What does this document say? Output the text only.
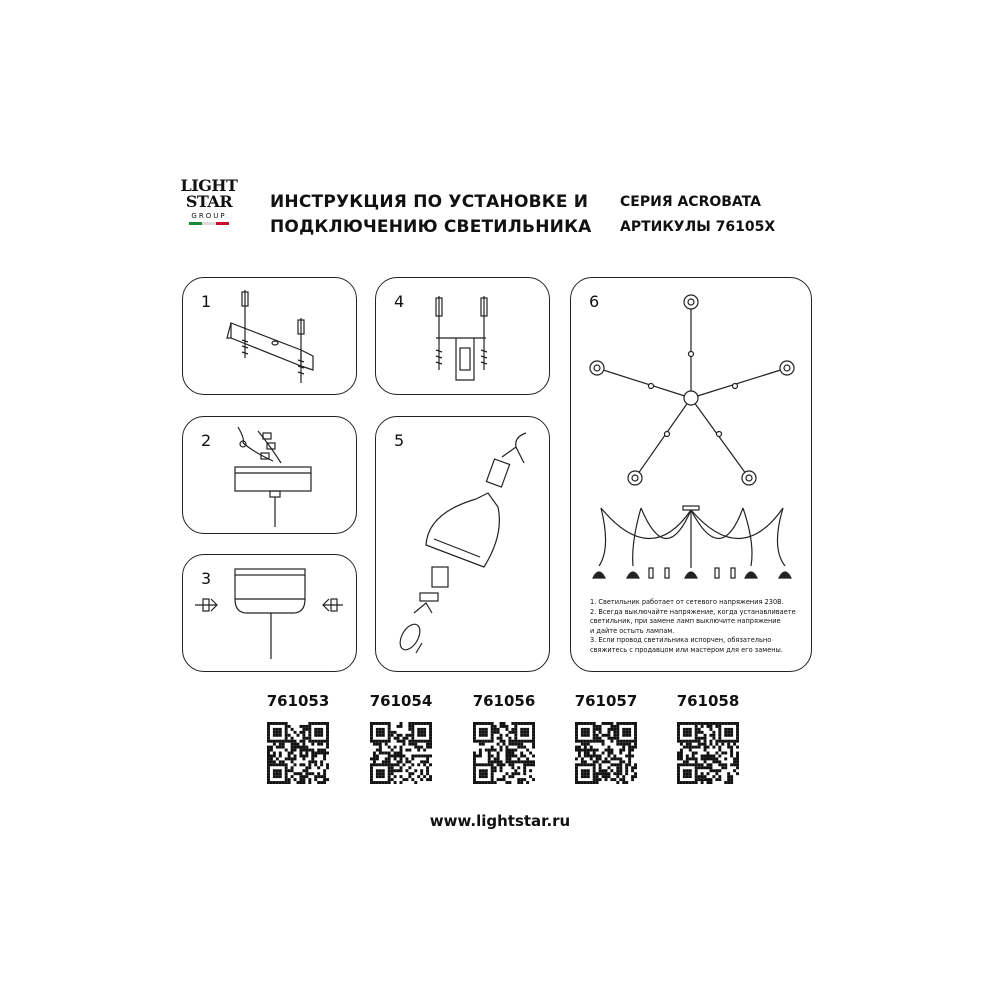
LIGHT
STAR
GROUP
ИНСТРУКЦИЯ ПО УСТАНОВКЕ И
ПОДКЛЮЧЕНИЮ СВЕТИЛЬНИКА
СЕРИЯ ACROBATA
АРТИКУЛЫ 76105X
1
2
3
4
5
6
1. Светильник работает от сетевого напряжения 230В.
2. Всегда выключайте напряжение, когда устанавливаете
светильник, при замене ламп выключите напряжение
и дайте остыть лампам.
3. Если провод светильника испорчен, обязательно
свяжитесь с продавцом или мастером для его замены.
761053	761054	761056	761057	761058
www.lightstar.ru
